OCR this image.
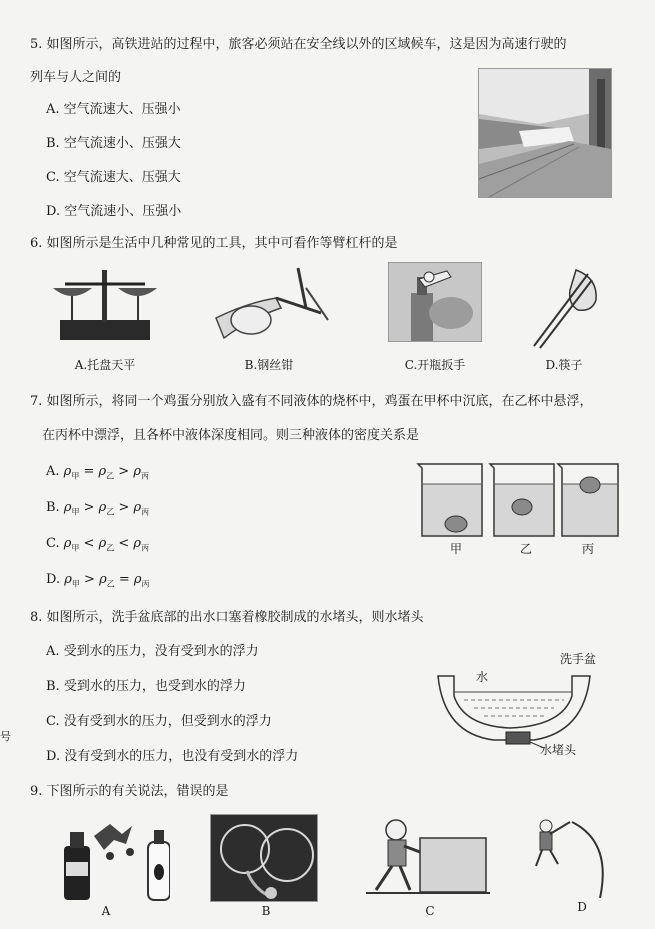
5. 如图所示，高铁进站的过程中，旅客必须站在安全线以外的区域候车，这是因为高速行驶的
列车与人之间的
A. 空气流速大、压强小
B. 空气流速小、压强大
C. 空气流速大、压强大
D. 空气流速小、压强小
6. 如图所示是生活中几种常见的工具，其中可看作等臂杠杆的是
A.托盘天平	B.钢丝钳	C.开瓶扳手	D.筷子
7. 如图所示，将同一个鸡蛋分别放入盛有不同液体的烧杯中，鸡蛋在甲杯中沉底，在乙杯中悬浮，
在丙杯中漂浮，且各杯中液体深度相同。则三种液体的密度关系是
A. $\rho_甲 = \rho_乙 > \rho_丙$
B. $\rho_甲 > \rho_乙 > \rho_丙$
C. $\rho_甲 < \rho_乙 < \rho_丙$
D. $\rho_甲 > \rho_乙 = \rho_丙$
甲	乙	丙
8. 如图所示，洗手盆底部的出水口塞着橡胶制成的水堵头，则水堵头
A. 受到水的压力，没有受到水的浮力
B. 受到水的压力，也受到水的浮力
C. 没有受到水的压力，但受到水的浮力
D. 没有受到水的压力，也没有受到水的浮力
号
水
洗手盆
水堵头
9. 下图所示的有关说法，错误的是
A	B	C	D
